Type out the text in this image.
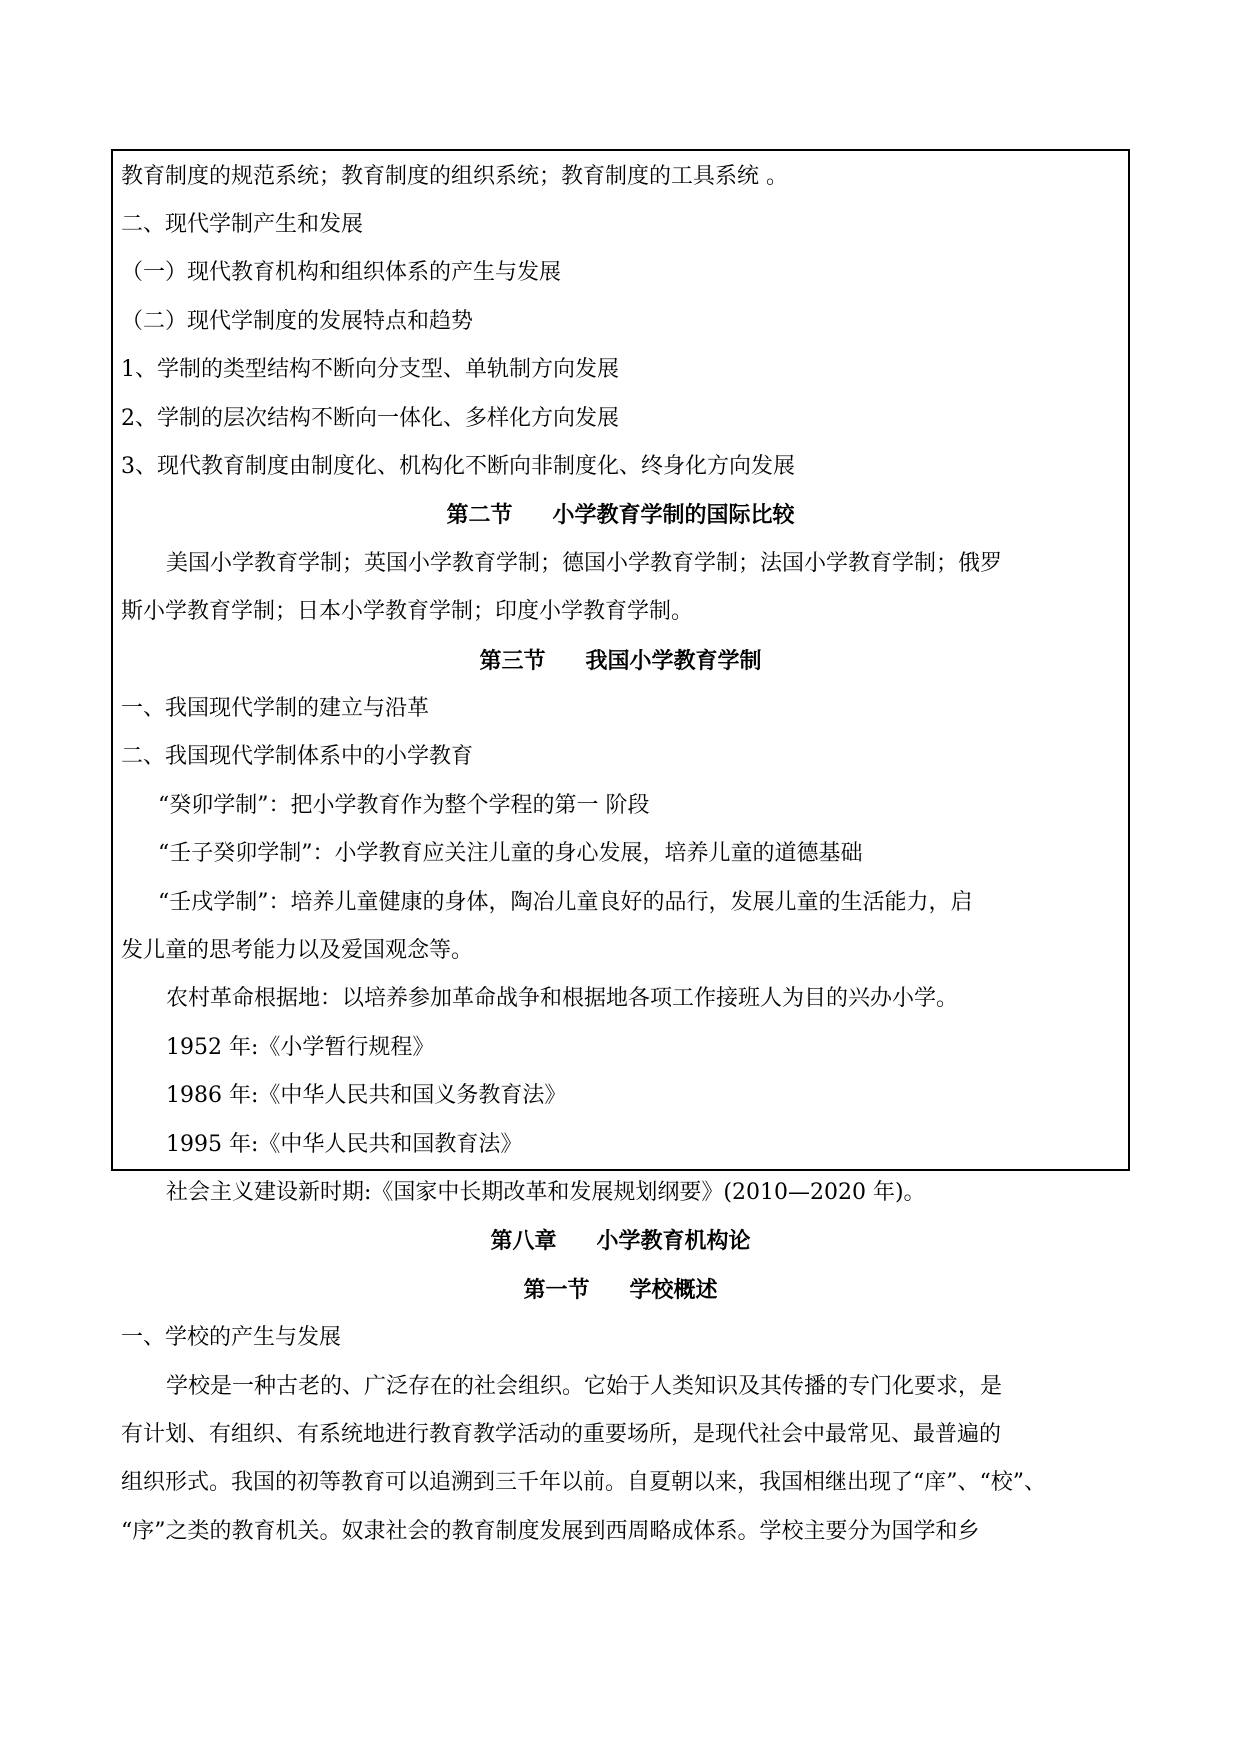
教育制度的规范系统；教育制度的组织系统；教育制度的工具系统 。
二、现代学制产生和发展
（一）现代教育机构和组织体系的产生与发展
（二）现代学制度的发展特点和趋势
1、学制的类型结构不断向分支型、单轨制方向发展
2、学制的层次结构不断向一体化、多样化方向发展
3、现代教育制度由制度化、机构化不断向非制度化、终身化方向发展
第二节 小学教育学制的国际比较
美国小学教育学制；英国小学教育学制；德国小学教育学制；法国小学教育学制；俄罗
斯小学教育学制；日本小学教育学制；印度小学教育学制。
第三节 我国小学教育学制
一、我国现代学制的建立与沿革
二、我国现代学制体系中的小学教育
“癸卯学制”：把小学教育作为整个学程的第一 阶段
“壬子癸卯学制”：小学教育应关注儿童的身心发展，培养儿童的道德基础
“壬戌学制”：培养儿童健康的身体，陶冶儿童良好的品行，发展儿童的生活能力，启
发儿童的思考能力以及爱国观念等。
农村革命根据地：以培养参加革命战争和根据地各项工作接班人为目的兴办小学。
1952 年:《小学暂行规程》
1986 年:《中华人民共和国义务教育法》
1995 年:《中华人民共和国教育法》
社会主义建设新时期:《国家中长期改革和发展规划纲要》(2010—2020 年)。
第八章 小学教育机构论
第一节 学校概述
一、学校的产生与发展
学校是一种古老的、广泛存在的社会组织。它始于人类知识及其传播的专门化要求，是
有计划、有组织、有系统地进行教育教学活动的重要场所，是现代社会中最常见、最普遍的
组织形式。我国的初等教育可以追溯到三千年以前。自夏朝以来，我国相继出现了“庠”、“校”、
“序”之类的教育机关。奴隶社会的教育制度发展到西周略成体系。学校主要分为国学和乡
